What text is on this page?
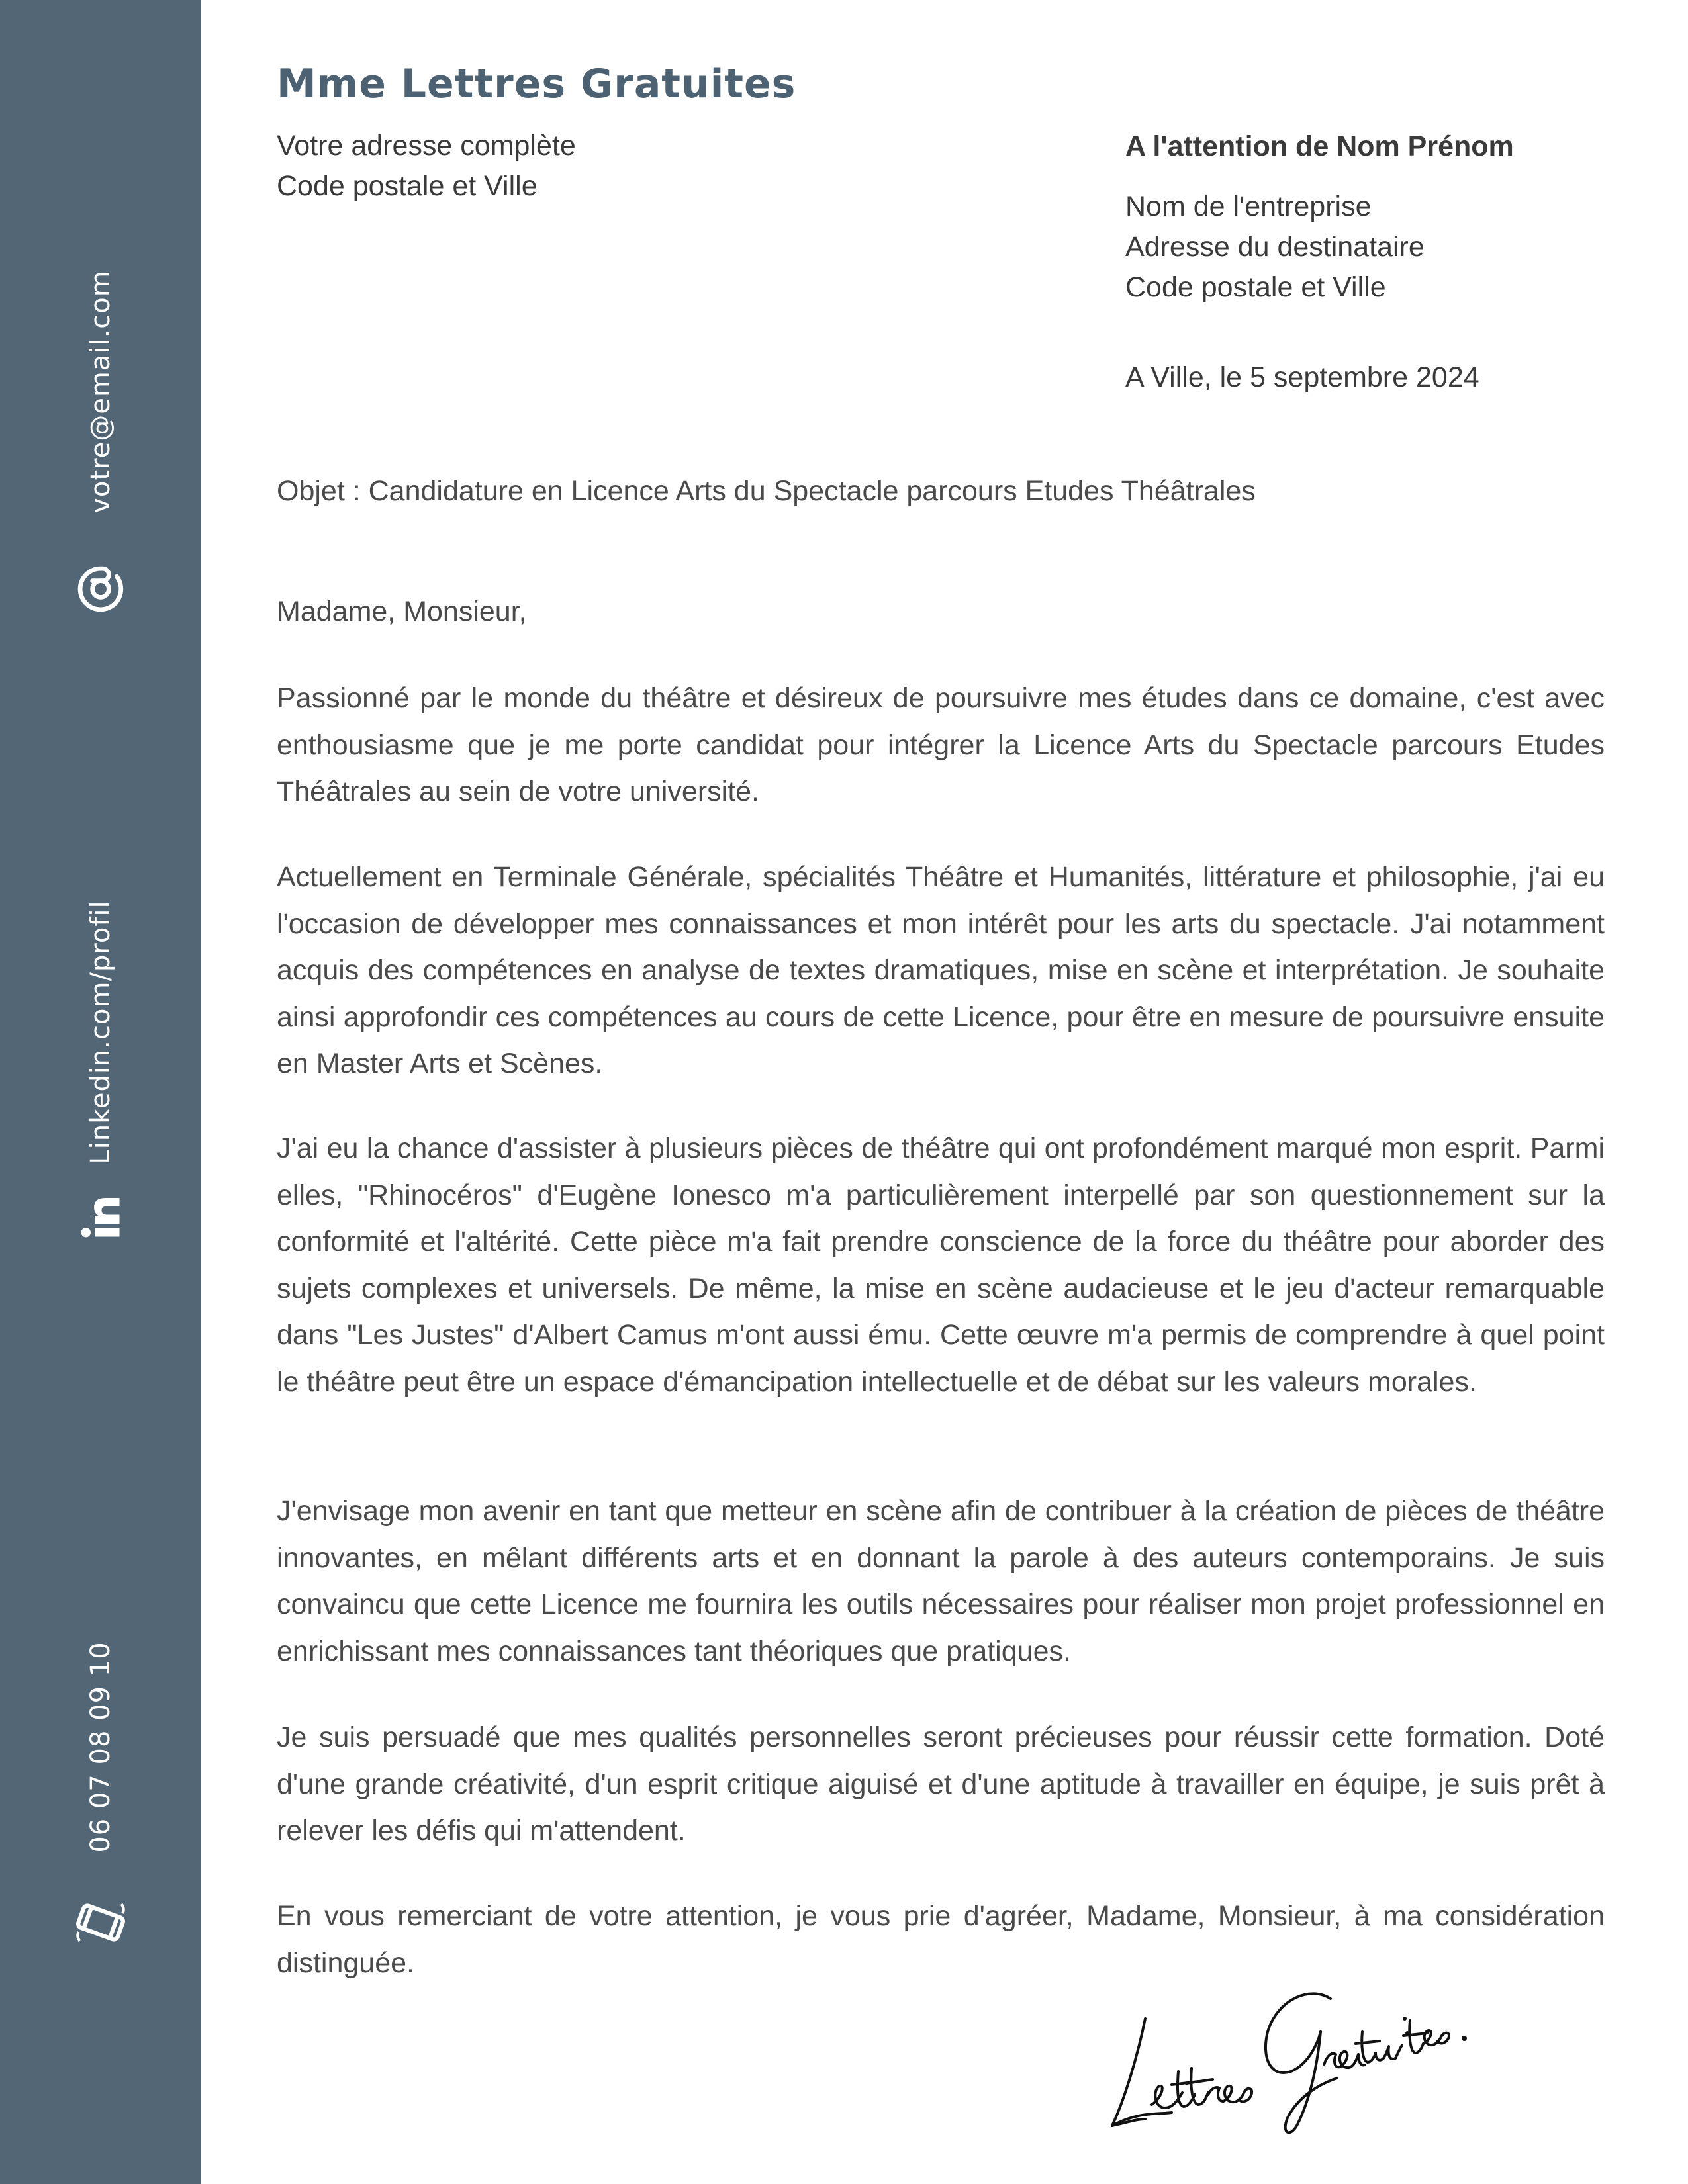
votre@email.com
Linkedin.com/profil
06 07 08 09 10
Mme Lettres Gratuites
Votre adresse complète
Code postale et Ville
A l'attention de Nom Prénom
Nom de l'entreprise
Adresse du destinataire
Code postale et Ville
A Ville, le 5 septembre 2024
Objet : Candidature en Licence Arts du Spectacle parcours Etudes Théâtrales
Madame, Monsieur,

Passionné par le monde du théâtre et désireux de poursuivre mes études dans ce domaine, c'est avec enthousiasme que je me porte candidat pour intégrer la Licence Arts du Spectacle parcours Etudes Théâtrales au sein de votre université.

Actuellement en Terminale Générale, spécialités Théâtre et Humanités, littérature et philosophie, j'ai eu l'occasion de développer mes connaissances et mon intérêt pour les arts du spectacle. J'ai notamment acquis des compétences en analyse de textes dramatiques, mise en scène et interprétation. Je souhaite ainsi approfondir ces compétences au cours de cette Licence, pour être en mesure de poursuivre ensuite en Master Arts et Scènes.

J'ai eu la chance d'assister à plusieurs pièces de théâtre qui ont profondément marqué mon esprit. Parmi elles, "Rhinocéros" d'Eugène Ionesco m'a particulièrement interpellé par son questionnement sur la conformité et l'altérité. Cette pièce m'a fait prendre conscience de la force du théâtre pour aborder des sujets complexes et universels. De même, la mise en scène audacieuse et le jeu d'acteur remarquable dans "Les Justes" d'Albert Camus m'ont aussi ému. Cette œuvre m'a permis de comprendre à quel point le théâtre peut être un espace d'émancipation intellectuelle et de débat sur les valeurs morales.

J'envisage mon avenir en tant que metteur en scène afin de contribuer à la création de pièces de théâtre innovantes, en mêlant différents arts et en donnant la parole à des auteurs contemporains. Je suis convaincu que cette Licence me fournira les outils nécessaires pour réaliser mon projet professionnel en enrichissant mes connaissances tant théoriques que pratiques.

Je suis persuadé que mes qualités personnelles seront précieuses pour réussir cette formation. Doté d'une grande créativité, d'un esprit critique aiguisé et d'une aptitude à travailler en équipe, je suis prêt à relever les défis qui m'attendent.

En vous remerciant de votre attention, je vous prie d'agréer, Madame, Monsieur, à ma considération distinguée.
